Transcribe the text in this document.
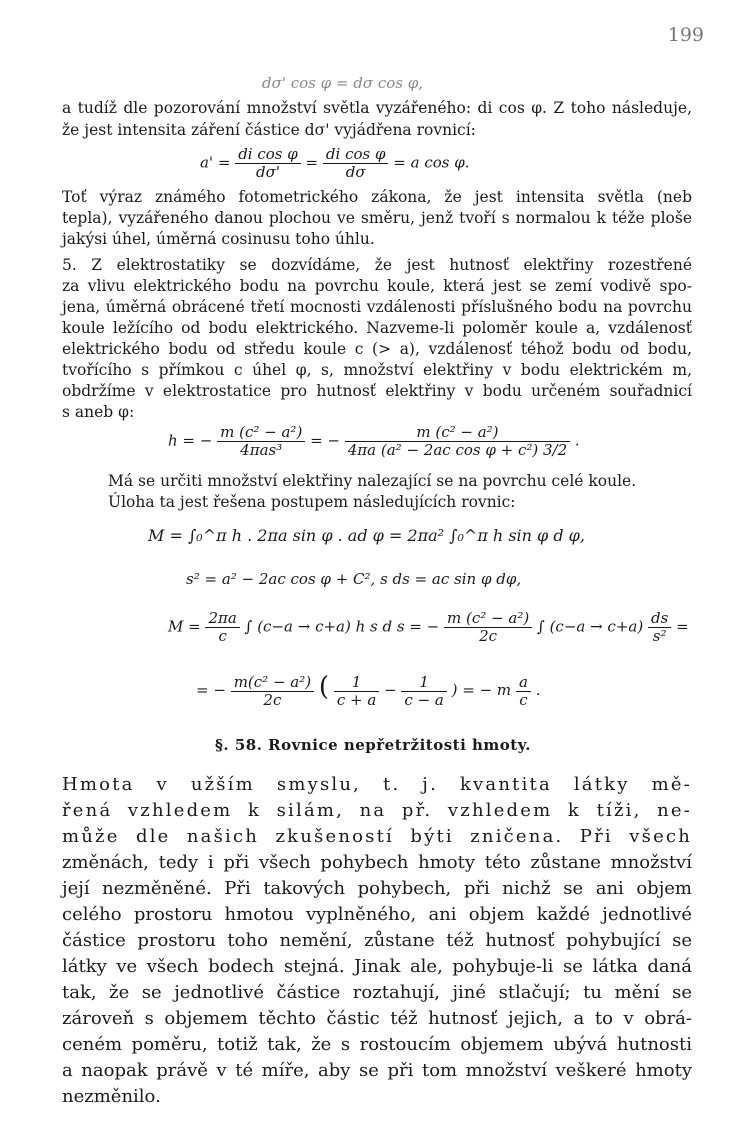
199
dσ' cos φ = dσ cos φ,
a tudíž dle pozorování množství světla vyzářeného: di cos φ. Z toho následuje,
že jest intensita záření částice dσ' vyjádřena rovnicí:
$a' = \frac{\text{di cos φ}}{d\sigma'} = \frac{\text{di cos φ}}{d\sigma} = a$ cos φ.
Toť výraz známého fotometrického zákona, že jest intensita světla (neb
tepla), vyzářeného danou plochou ve směru, jenž tvoří s normalou k téže ploše
jakýsi úhel, úměrná cosinusu toho úhlu.
5. Z elektrostatiky se dozvídáme, že jest hutnosť elektřiny rozestřené
za vlivu elektrického bodu na povrchu koule, která jest se zemí vodivě spo-
jena, úměrná obrácené třetí mocnosti vzdálenosti příslušného bodu na povrchu
koule ležícího od bodu elektrického. Nazveme-li poloměr koule a, vzdálenosť
elektrického bodu od středu koule c (> a), vzdálenosť téhož bodu od bodu,
tvořícího s přímkou c úhel φ, s, množství elektřiny v bodu elektrickém m,
obdržíme v elektrostatice pro hutnosť elektřiny v bodu určeném souřadnicí
s aneb φ:
h = − $\frac{\text{m (c² − a²)}}{\text{4πas³}}$ = − $\frac{\text{m (c² − a²)}}{\text{4πa (a² − 2ac cos φ + c²) 3/2}}$ .
Má se určiti množství elektřiny nalezající se na povrchu celé koule.
Úloha ta jest řešena postupem následujících rovnic:
M = ∫₀^π h . 2πa sin φ . ad φ = 2πa² ∫₀^π h sin φ d φ,
s² = a² − 2ac cos φ + C², s ds = ac sin φ dφ,
$M = \frac{2\pi a}{c}$ ∫ (c−a → c+a) h s d s = − $\frac{\text{m (c² − a²)}}{2c}$ ∫ $(c-a \to c+a) \frac{ds}{\text{s²}}$ =
= − $\frac{\text{m(c² − a²)}}{2c}$ ( $\frac{1}{c + a} - \frac{1}{c - a}$ ) = − m $\frac{a}{c}$ .
§. 58. Rovnice nepřetržitosti hmoty.
Hmota v užším smyslu, t. j. kvantita látky mě-
řená vzhledem k silám, na př. vzhledem k tíži, ne-
může dle našich zkušeností býti zničena. Při všech
změnách, tedy i při všech pohybech hmoty této zůstane množství
její nezměněné. Při takových pohybech, při nichž se ani objem
celého prostoru hmotou vyplněného, ani objem každé jednotlivé
částice prostoru toho nemění, zůstane též hutnosť pohybující se
látky ve všech bodech stejná. Jinak ale, pohybuje-li se látka daná
tak, že se jednotlivé částice roztahují, jiné stlačují; tu mění se
zároveň s objemem těchto částic též hutnosť jejich, a to v obrá-
ceném poměru, totiž tak, že s rostoucím objemem ubývá hutnosti
a naopak právě v té míře, aby se při tom množství veškeré hmoty
nezměnilo.
